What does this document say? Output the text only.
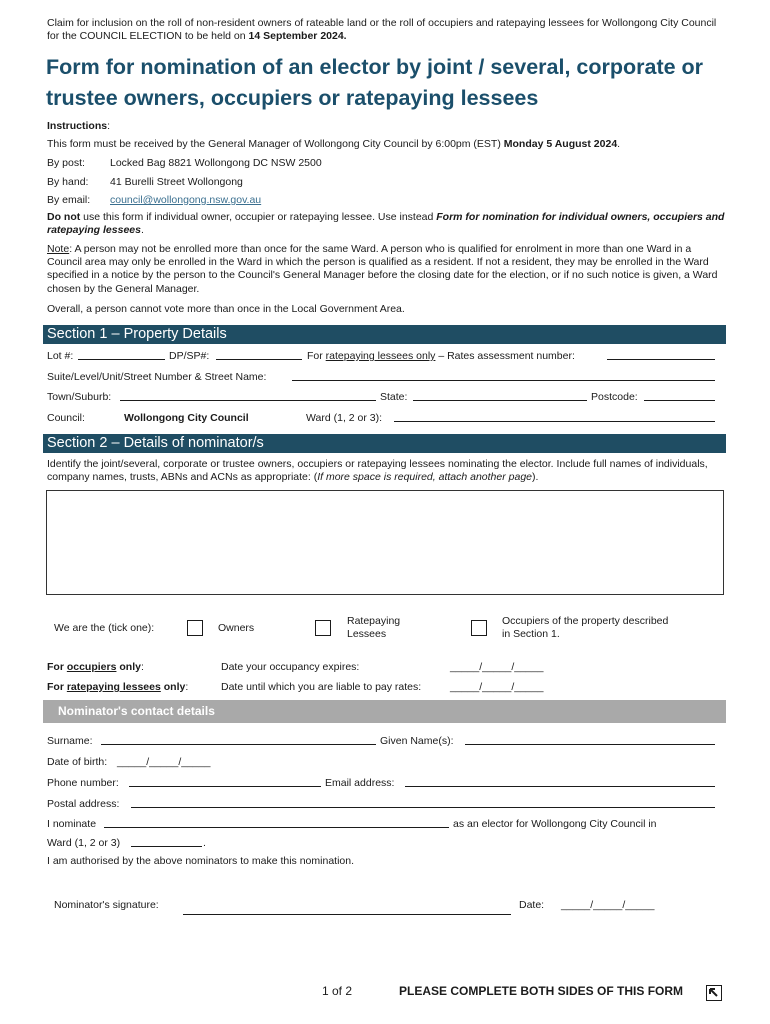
Claim for inclusion on the roll of non-resident owners of rateable land or the roll of occupiers and ratepaying lessees for Wollongong City Council for the COUNCIL ELECTION to be held on 14 September 2024.
Form for nomination of an elector by joint / several, corporate or trustee owners, occupiers or ratepaying lessees
Instructions:
This form must be received by the General Manager of Wollongong City Council by 6:00pm (EST) Monday 5 August 2024.
By post: Locked Bag 8821 Wollongong DC NSW 2500
By hand: 41 Burelli Street Wollongong
By email: council@wollongong.nsw.gov.au
Do not use this form if individual owner, occupier or ratepaying lessee. Use instead Form for nomination for individual owners, occupiers and ratepaying lessees.
Note: A person may not be enrolled more than once for the same Ward. A person who is qualified for enrolment in more than one Ward in a Council area may only be enrolled in the Ward in which the person is qualified as a resident. If not a resident, they may be enrolled in the Ward specified in a notice by the person to the Council's General Manager before the closing date for the election, or if no such notice is given, a Ward chosen by the General Manager.
Overall, a person cannot vote more than once in the Local Government Area.
Section 1 – Property Details
Lot #:	DP/SP#:	For ratepaying lessees only – Rates assessment number:
Suite/Level/Unit/Street Number & Street Name:
Town/Suburb:	State:	Postcode:
Council:	Wollongong City Council	Ward (1, 2 or 3):
Section 2 – Details of nominator/s
Identify the joint/several, corporate or trustee owners, occupiers or ratepaying lessees nominating the elector. Include full names of individuals, company names, trusts, ABNs and ACNs as appropriate: (If more space is required, attach another page).
We are the (tick one):	Owners
Ratepaying
Lessees
Occupiers of the property described
in Section 1.
For occupiers only:	Date your occupancy expires:	_____/_____/_____
For ratepaying lessees only:	Date until which you are liable to pay rates:	_____/_____/_____
Nominator's contact details
Surname:	Given Name(s):
Date of birth: _____/_____/_____
Phone number:	Email address:
Postal address:
I nominate	as an elector for Wollongong City Council in
Ward (1, 2 or 3)	.
I am authorised by the above nominators to make this nomination.
Nominator's signature:	Date: _____/_____/_____
1 of 2	PLEASE COMPLETE BOTH SIDES OF THIS FORM
